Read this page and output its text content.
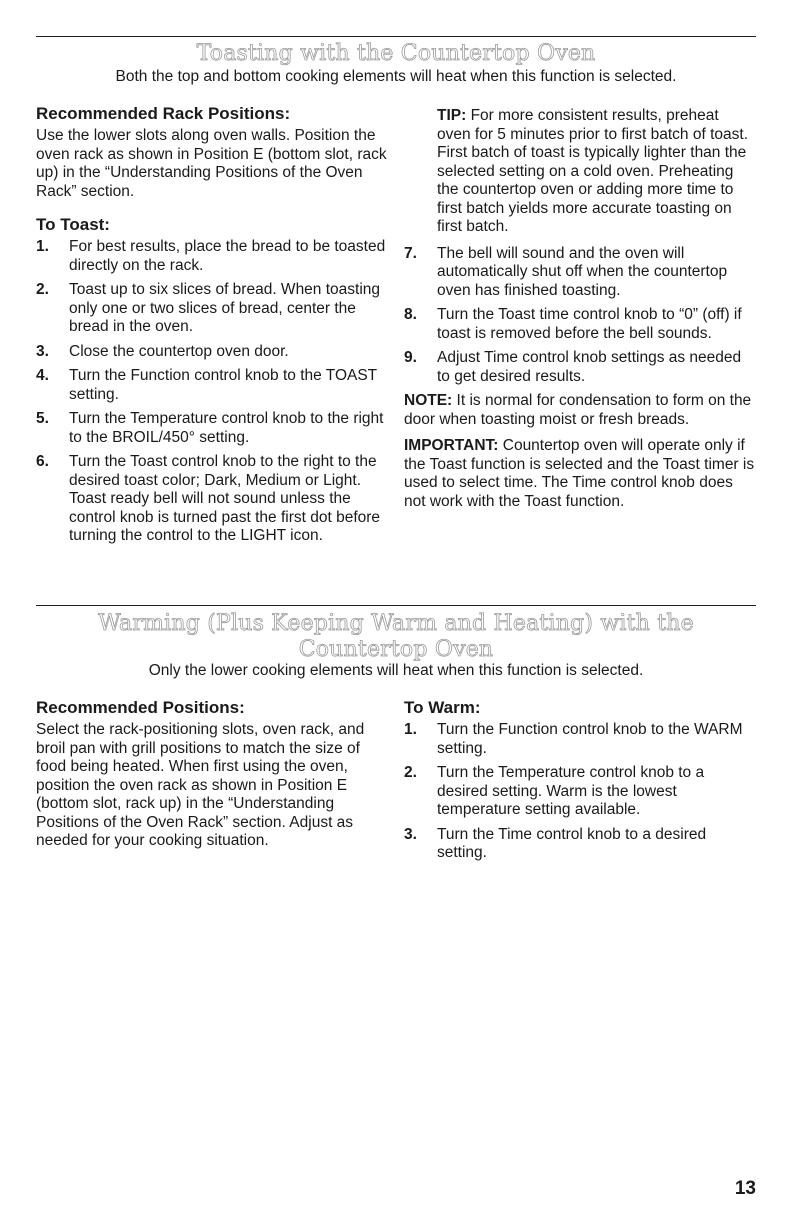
Toasting with the Countertop Oven
Both the top and bottom cooking elements will heat when this function is selected.
Recommended Rack Positions:

Use the lower slots along oven walls. Position the oven rack as shown in Position E (bottom slot, rack up) in the “Understanding Positions of the Oven Rack” section.

To Toast:
1. For best results, place the bread to be toasted directly on the rack.
2. Toast up to six slices of bread. When toasting only one or two slices of bread, center the bread in the oven.
3. Close the countertop oven door.
4. Turn the Function control knob to the TOAST setting.
5. Turn the Temperature control knob to the right to the BROIL/450° setting.
6. Turn the Toast control knob to the right to the desired toast color; Dark, Medium or Light. Toast ready bell will not sound unless the control knob is turned past the first dot before turning the control to the LIGHT icon.

TIP: For more consistent results, preheat oven for 5 minutes prior to first batch of toast. First batch of toast is typically lighter than the selected setting on a cold oven. Preheating the countertop oven or adding more time to first batch yields more accurate toasting on first batch.

7. The bell will sound and the oven will automatically shut off when the countertop oven has finished toasting.
8. Turn the Toast time control knob to “0” (off) if toast is removed before the bell sounds.
9. Adjust Time control knob settings as needed to get desired results.

NOTE: It is normal for condensation to form on the door when toasting moist or fresh breads.

IMPORTANT: Countertop oven will operate only if the Toast function is selected and the Toast timer is used to select time. The Time control knob does not work with the Toast function.

Warming (Plus Keeping Warm and Heating) with the Countertop Oven
Only the lower cooking elements will heat when this function is selected.
Recommended Positions:

Select the rack-positioning slots, oven rack, and broil pan with grill positions to match the size of food being heated. When first using the oven, position the oven rack as shown in Position E (bottom slot, rack up) in the “Understanding Positions of the Oven Rack” section. Adjust as needed for your cooking situation.

To Warm:
1. Turn the Function control knob to the WARM setting.
2. Turn the Temperature control knob to a desired setting. Warm is the lowest temperature setting available.
3. Turn the Time control knob to a desired setting.
13
